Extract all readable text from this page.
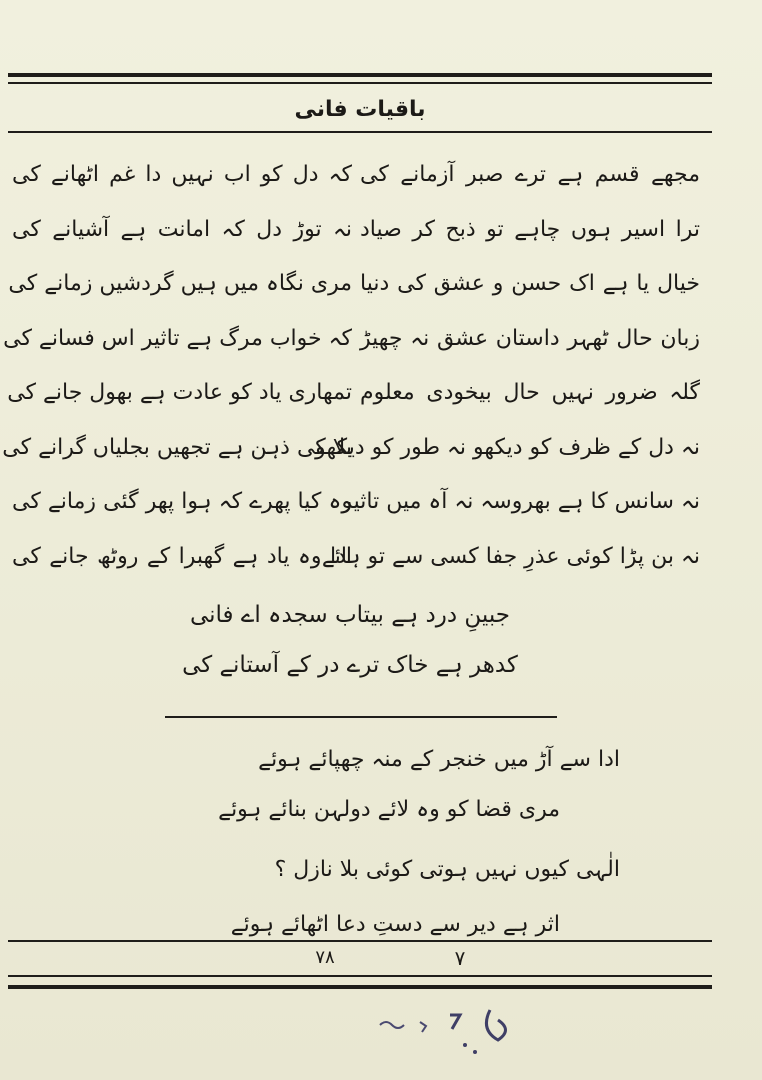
باقیات فانی
مجھے قسم ہے ترے صبر آزمانے کی
ترا اسیر ہوں چاہے تو ذبح کر صیاد
خیال یا ہے اک حسن و عشق کی دنیا
زبان حال ٹھہر داستان عشق نہ چھیڑ
گلہ ضرور نہیں حال بیخودی معلوم
نہ دل کے ظرف کو دیکھو نہ طور کو دیکھو
نہ سانس کا ہے بھروسہ نہ آہ میں تاثیر
نہ بن پڑا کوئی عذرِ جفا کسی سے تو ہائے
کہ دل کو اب نہیں دا غم اٹھانے کی
نہ توڑ دل کہ امانت ہے آشیانے کی
مری نگاہ میں ہیں گردشیں زمانے کی
کہ خواب مرگ ہے تاثیر اس فسانے کی
تمھاری یاد کو عادت ہے بھول جانے کی
بلا کی ذہن ہے تجھیں بجلیاں گرانے کی
وہ کیا پھرے کہ ہوا پھر گئی زمانے کی
ادا وہ یاد ہے گھبرا کے روٹھ جانے کی
جبینِ درد ہے بیتاب سجدہ اے فانی
کدھر ہے خاک ترے در کے آستانے کی
ادا سے آڑ میں خنجر کے منہ چھپائے ہوئے
مری قضا کو وہ لائے دولہن بنائے ہوئے
الٰہی کیوں نہیں ہوتی کوئی بلا نازل ؟
اثر ہے دیر سے دستِ دعا اٹھائے ہوئے
٧٨	٧
